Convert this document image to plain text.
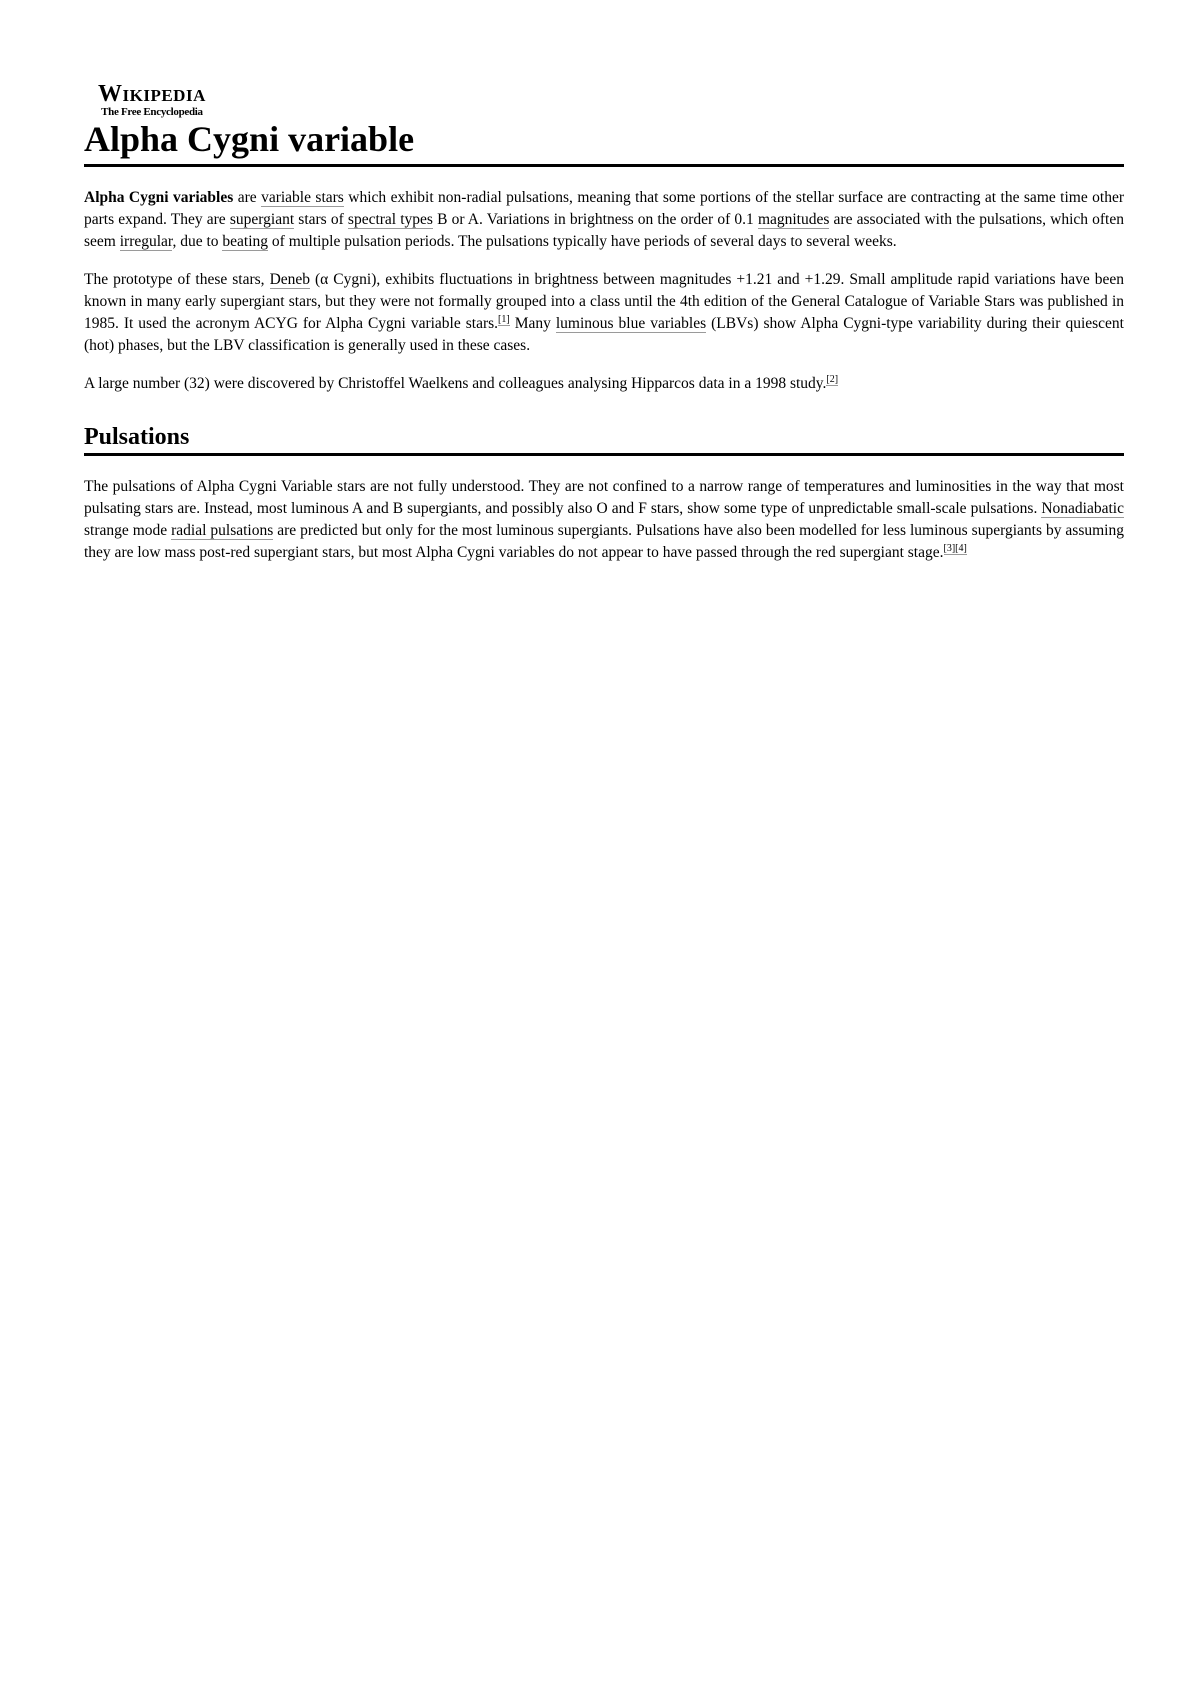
Wikipedia
The Free Encyclopedia
Alpha Cygni variable

Alpha Cygni variables are variable stars which exhibit non-radial pulsations, meaning that some portions of the stellar surface are contracting at the same time other parts expand. They are supergiant stars of spectral types B or A. Variations in brightness on the order of 0.1 magnitudes are associated with the pulsations, which often seem irregular, due to beating of multiple pulsation periods. The pulsations typically have periods of several days to several weeks.

The prototype of these stars, Deneb (α Cygni), exhibits fluctuations in brightness between magnitudes +1.21 and +1.29. Small amplitude rapid variations have been known in many early supergiant stars, but they were not formally grouped into a class until the 4th edition of the General Catalogue of Variable Stars was published in 1985. It used the acronym ACYG for Alpha Cygni variable stars.[1] Many luminous blue variables (LBVs) show Alpha Cygni-type variability during their quiescent (hot) phases, but the LBV classification is generally used in these cases.

A large number (32) were discovered by Christoffel Waelkens and colleagues analysing Hipparcos data in a 1998 study.[2]

Pulsations

The pulsations of Alpha Cygni Variable stars are not fully understood. They are not confined to a narrow range of temperatures and luminosities in the way that most pulsating stars are. Instead, most luminous A and B supergiants, and possibly also O and F stars, show some type of unpredictable small-scale pulsations. Nonadiabatic strange mode radial pulsations are predicted but only for the most luminous supergiants. Pulsations have also been modelled for less luminous supergiants by assuming they are low mass post-red supergiant stars, but most Alpha Cygni variables do not appear to have passed through the red supergiant stage.[3][4]
